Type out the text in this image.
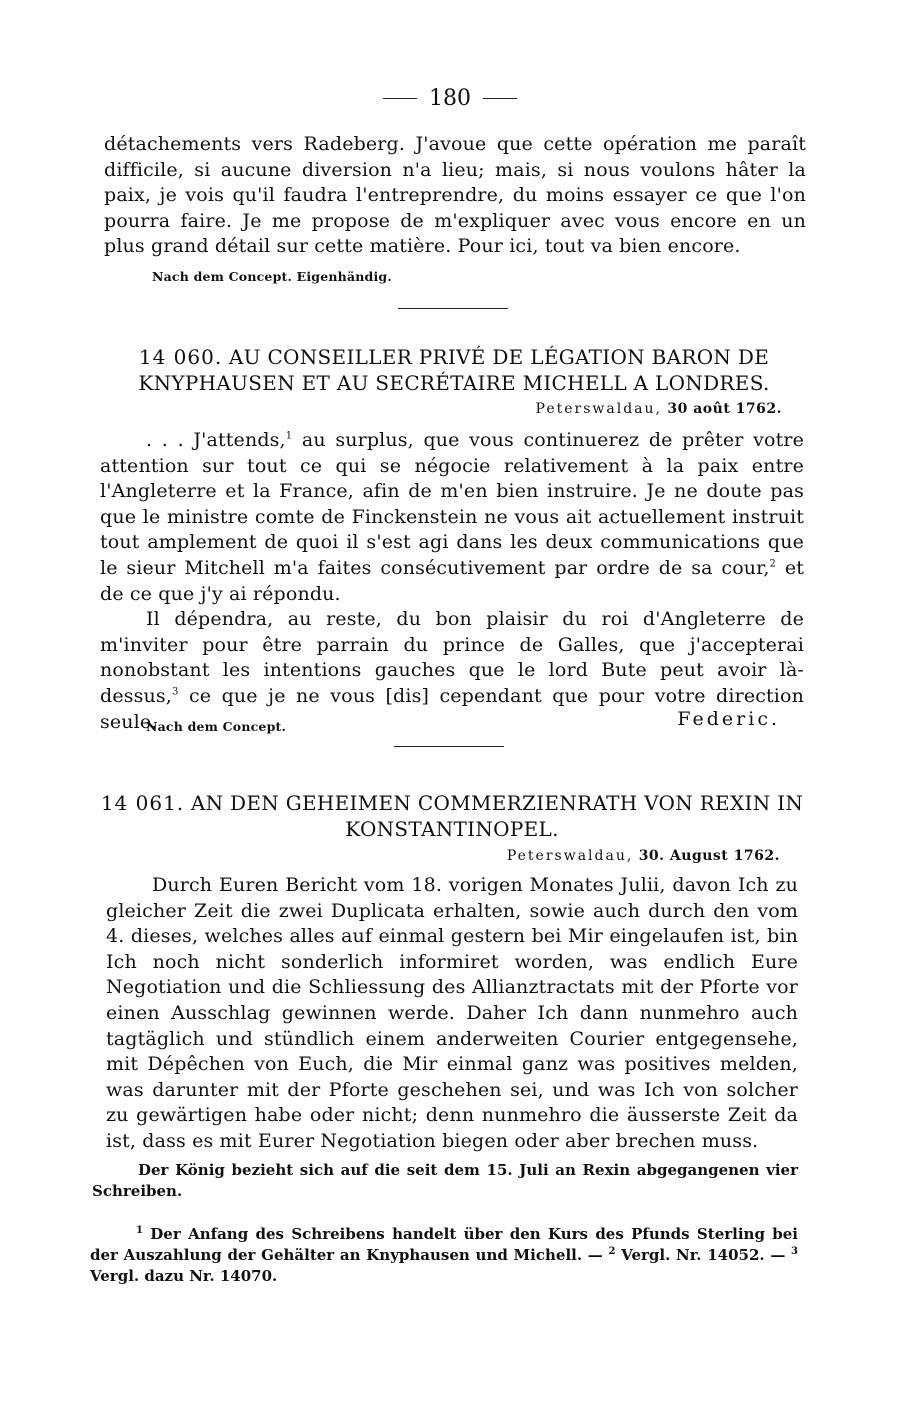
180

détachements vers Radeberg. J'avoue que cette opération me paraît difficile, si aucune diversion n'a lieu; mais, si nous voulons hâter la paix, je vois qu'il faudra l'entreprendre, du moins essayer ce que l'on pourra faire. Je me propose de m'expliquer avec vous encore en un plus grand détail sur cette matière. Pour ici, tout va bien encore.

Nach dem Concept. Eigenhändig.
14 060. AU CONSEILLER PRIVÉ DE LÉGATION BARON DE KNYPHAUSEN ET AU SECRÉTAIRE MICHELL A LONDRES.
Peterswaldau, 30 août 1762.

. . . J'attends,$^1$ au surplus, que vous continuerez de prêter votre attention sur tout ce qui se négocie relativement à la paix entre l'Angleterre et la France, afin de m'en bien instruire. Je ne doute pas que le ministre comte de Finckenstein ne vous ait actuellement instruit tout amplement de quoi il s'est agi dans les deux communications que le sieur Mitchell m'a faites consécutivement par ordre de sa cour,$^2$ et de ce que j'y ai répondu.

Il dépendra, au reste, du bon plaisir du roi d'Angleterre de m'inviter pour être parrain du prince de Galles, que j'accepterai nonobstant les intentions gauches que le lord Bute peut avoir là-dessus,$^3$ ce que je ne vous [dis] cependant que pour votre direction seule.

Nach dem Concept.	Federic.
14 061. AN DEN GEHEIMEN COMMERZIENRATH VON REXIN IN KONSTANTINOPEL.
Peterswaldau, 30. August 1762.

Durch Euren Bericht vom 18. vorigen Monates Julii, davon Ich zu gleicher Zeit die zwei Duplicata erhalten, sowie auch durch den vom 4. dieses, welches alles auf einmal gestern bei Mir eingelaufen ist, bin Ich noch nicht sonderlich informiret worden, was endlich Eure Negotiation und die Schliessung des Allianztractats mit der Pforte vor einen Ausschlag gewinnen werde. Daher Ich dann nunmehro auch tagtäglich und stündlich einem anderweiten Courier entgegensehe, mit Dépêchen von Euch, die Mir einmal ganz was positives melden, was darunter mit der Pforte geschehen sei, und was Ich von solcher zu gewärtigen habe oder nicht; denn nunmehro die äusserste Zeit da ist, dass es mit Eurer Negotiation biegen oder aber brechen muss.

Der König bezieht sich auf die seit dem 15. Juli an Rexin abgegangenen vier Schreiben.

$^1$ Der Anfang des Schreibens handelt über den Kurs des Pfunds Sterling bei der Auszahlung der Gehälter an Knyphausen und Michell. — $^2$ Vergl. Nr. 14052. — $^3$ Vergl. dazu Nr. 14070.
